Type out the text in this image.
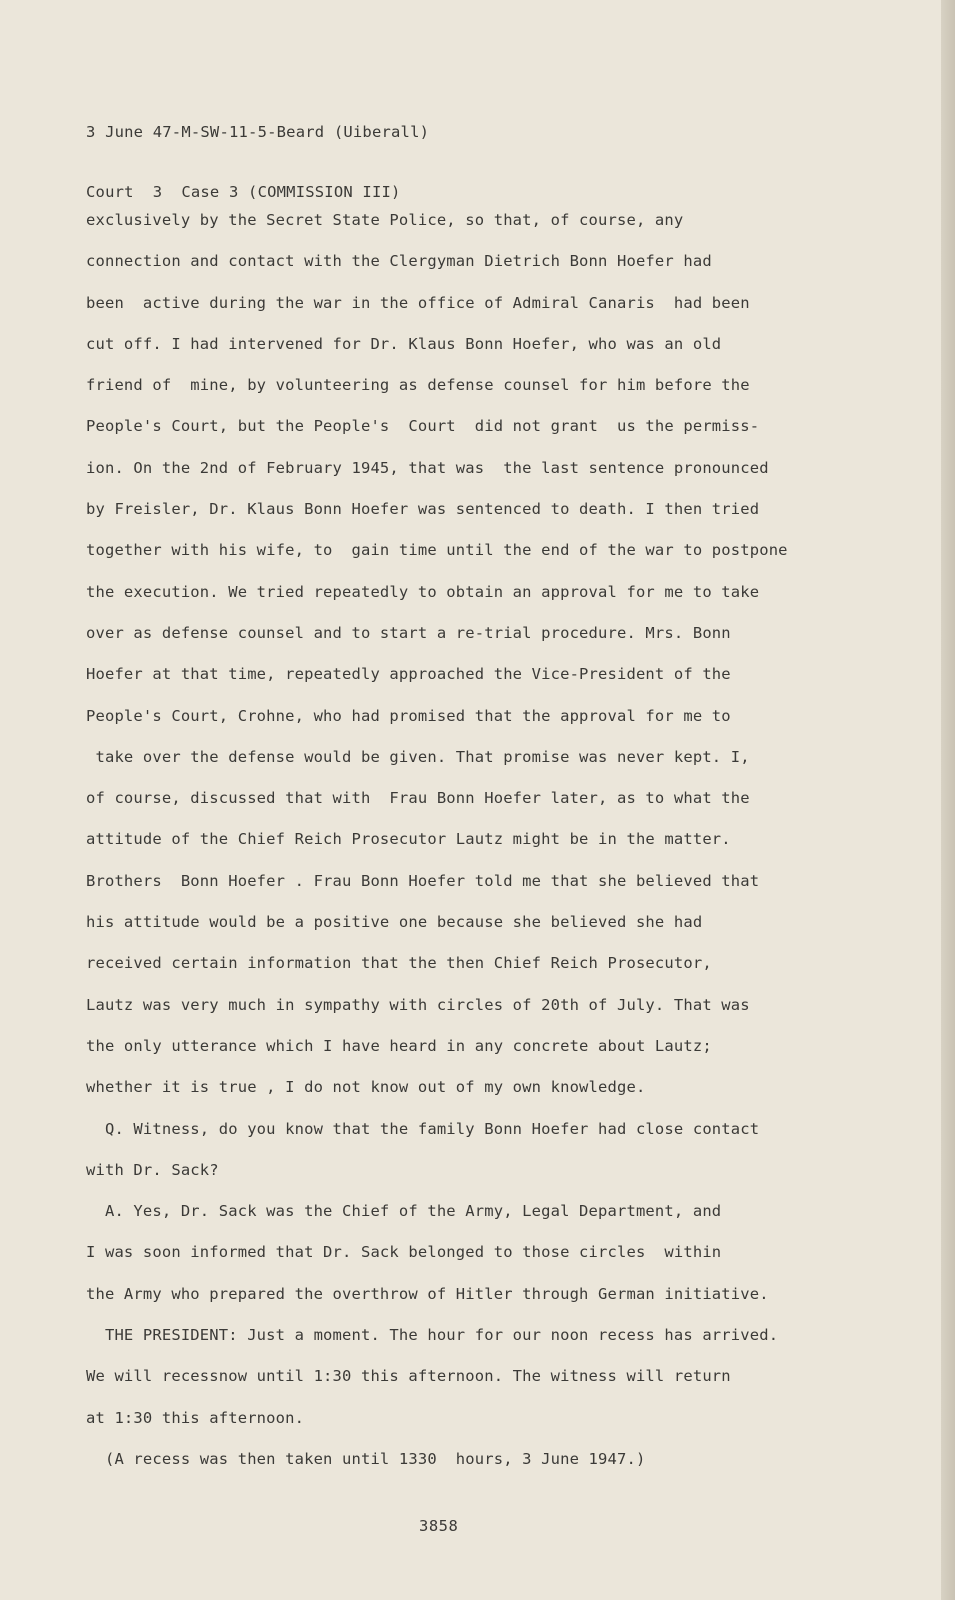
3 June 47-M-SW-11-5-Beard (Uiberall)

Court  3  Case 3 (COMMISSION III)

exclusively by the Secret State Police, so that, of course, any
connection and contact with the Clergyman Dietrich Bonn Hoefer had
been  active during the war in the office of Admiral Canaris  had been
cut off. I had intervened for Dr. Klaus Bonn Hoefer, who was an old
friend of  mine, by volunteering as defense counsel for him before the
People's Court, but the People's  Court  did not grant  us the permiss-
ion. On the 2nd of February 1945, that was  the last sentence pronounced
by Freisler, Dr. Klaus Bonn Hoefer was sentenced to death. I then tried
together with his wife, to  gain time until the end of the war to postpone
the execution. We tried repeatedly to obtain an approval for me to take
over as defense counsel and to start a re-trial procedure. Mrs. Bonn
Hoefer at that time, repeatedly approached the Vice-President of the
People's Court, Crohne, who had promised that the approval for me to
take over the defense would be given. That promise was never kept. I,
of course, discussed that with  Frau Bonn Hoefer later, as to what the
attitude of the Chief Reich Prosecutor Lautz might be in the matter.
Brothers  Bonn Hoefer . Frau Bonn Hoefer told me that she believed that
his attitude would be a positive one because she believed she had
received certain information that the then Chief Reich Prosecutor,
Lautz was very much in sympathy with circles of 20th of July. That was
the only utterance which I have heard in any concrete about Lautz;
whether it is true , I do not know out of my own knowledge.
Q. Witness, do you know that the family Bonn Hoefer had close contact
with Dr. Sack?
A. Yes, Dr. Sack was the Chief of the Army, Legal Department, and
I was soon informed that Dr. Sack belonged to those circles  within
the Army who prepared the overthrow of Hitler through German initiative.
THE PRESIDENT: Just a moment. The hour for our noon recess has arrived.
We will recessnow until 1:30 this afternoon. The witness will return
at 1:30 this afternoon.
(A recess was then taken until 1330  hours, 3 June 1947.)
3858
